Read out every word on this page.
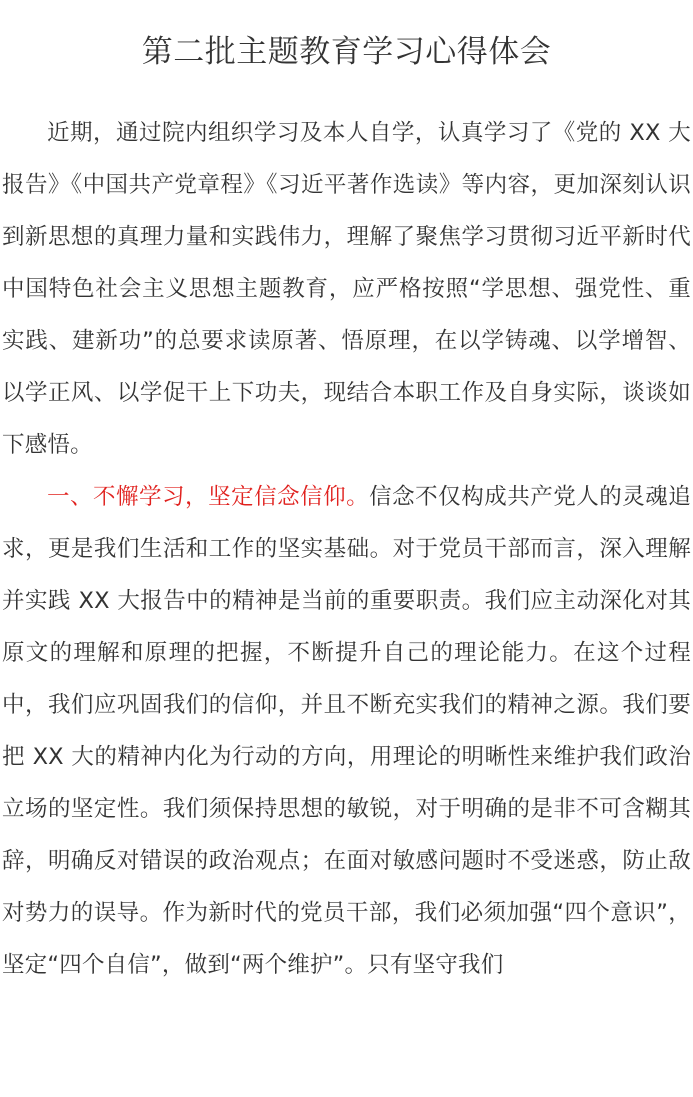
第二批主题教育学习心得体会

近期，通过院内组织学习及本人自学，认真学习了《党的 XX 大报告》《中国共产党章程》《习近平著作选读》等内容，更加深刻认识到新思想的真理力量和实践伟力，理解了聚焦学习贯彻习近平新时代中国特色社会主义思想主题教育，应严格按照“学思想、强党性、重实践、建新功”的总要求读原著、悟原理，在以学铸魂、以学增智、以学正风、以学促干上下功夫，现结合本职工作及自身实际，谈谈如下感悟。

一、不懈学习，坚定信念信仰。信念不仅构成共产党人的灵魂追求，更是我们生活和工作的坚实基础。对于党员干部而言，深入理解并实践 XX 大报告中的精神是当前的重要职责。我们应主动深化对其原文的理解和原理的把握，不断提升自己的理论能力。在这个过程中，我们应巩固我们的信仰，并且不断充实我们的精神之源。我们要把 XX 大的精神内化为行动的方向，用理论的明晰性来维护我们政治立场的坚定性。我们须保持思想的敏锐，对于明确的是非不可含糊其辞，明确反对错误的政治观点；在面对敏感问题时不受迷惑，防止敌对势力的误导。作为新时代的党员干部，我们必须加强“四个意识”，坚定“四个自信”，做到“两个维护”。只有坚守我们
